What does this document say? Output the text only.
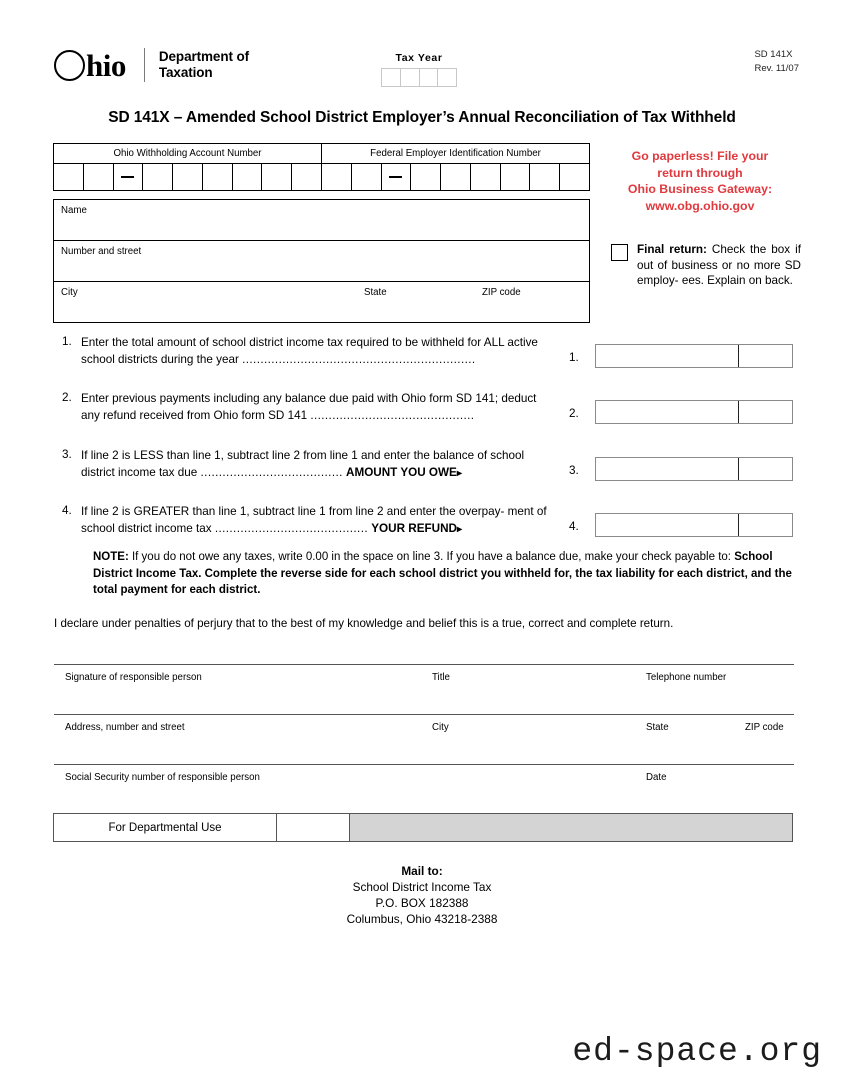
hio Department of
Taxation
Tax Year	SD 141X
Rev. 11/07
SD 141X – Amended School District Employer’s Annual Reconciliation of Tax Withheld
Ohio Withholding Account Number	Federal Employer Identification Number
Name
Number and street
City	State	ZIP code
Go paperless! File your
return through
Ohio Business Gateway:
www.obg.ohio.gov
Final return: Check the box if out of business or no more SD employ- ees. Explain on back.
1. Enter the total amount of school district income tax required to be withheld for ALL active school districts during the year ................................................................	1.
2. Enter previous payments including any balance due paid with Ohio form SD 141; deduct any refund received from Ohio form SD 141 .............................................	2.
3. If line 2 is LESS than line 1, subtract line 2 from line 1 and enter the balance of school district income tax due ....................................... AMOUNT YOU OWE▸	3.
4. If line 2 is GREATER than line 1, subtract line 1 from line 2 and enter the overpay- ment of school district income tax .......................................... YOUR REFUND▸	4.
NOTE: If you do not owe any taxes, write 0.00 in the space on line 3. If you have a balance due, make your check payable to: School District Income Tax. Complete the reverse side for each school district you withheld for, the tax liability for each district, and the total payment for each district.
I declare under penalties of perjury that to the best of my knowledge and belief this is a true, correct and complete return.
Signature of responsible person	Title	Telephone number
Address, number and street	City	State	ZIP code
Social Security number of responsible person	Date
For Departmental Use
Mail to:
School District Income Tax
P.O. BOX 182388
Columbus, Ohio 43218-2388
ed-space.org
